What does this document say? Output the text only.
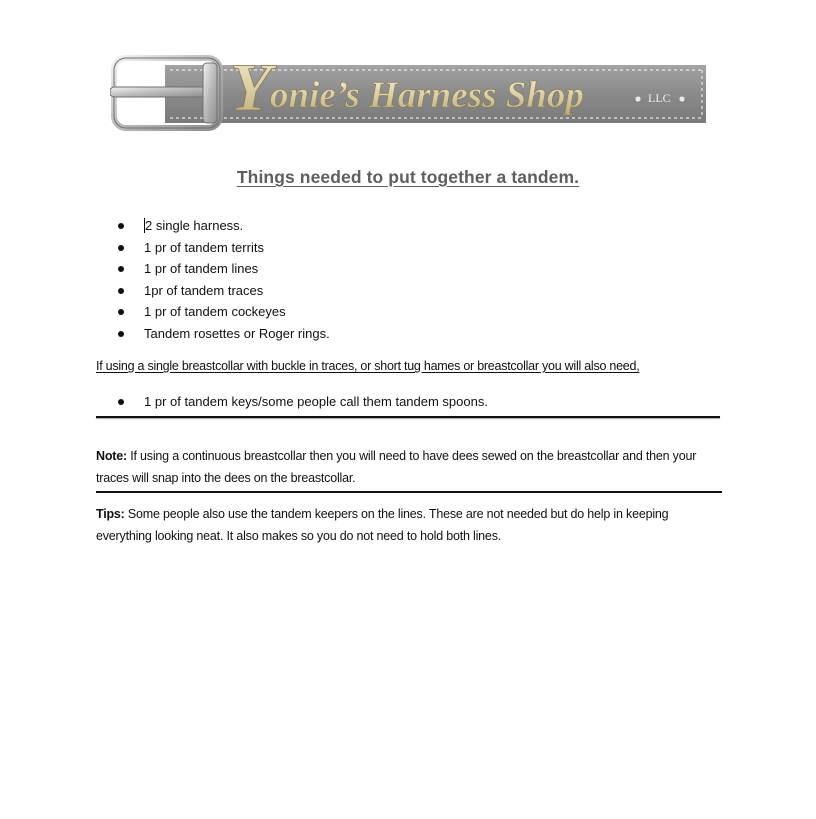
Y
onie’s Harness Shop	LLC
Things needed to put together a tandem.
2 single harness.
1 pr of tandem territs
1 pr of tandem lines
1pr of tandem traces
1 pr of tandem cockeyes
Tandem rosettes or Roger rings.
If using a single breastcollar with buckle in traces, or short tug hames or breastcollar you will also need,
1 pr of tandem keys/some people call them tandem spoons.
Note: If using a continuous breastcollar then you will need to have dees sewed on the breastcollar and then your traces will snap into the dees on the breastcollar.
Tips: Some people also use the tandem keepers on the lines. These are not needed but do help in keeping everything looking neat. It also makes so you do not need to hold both lines.
